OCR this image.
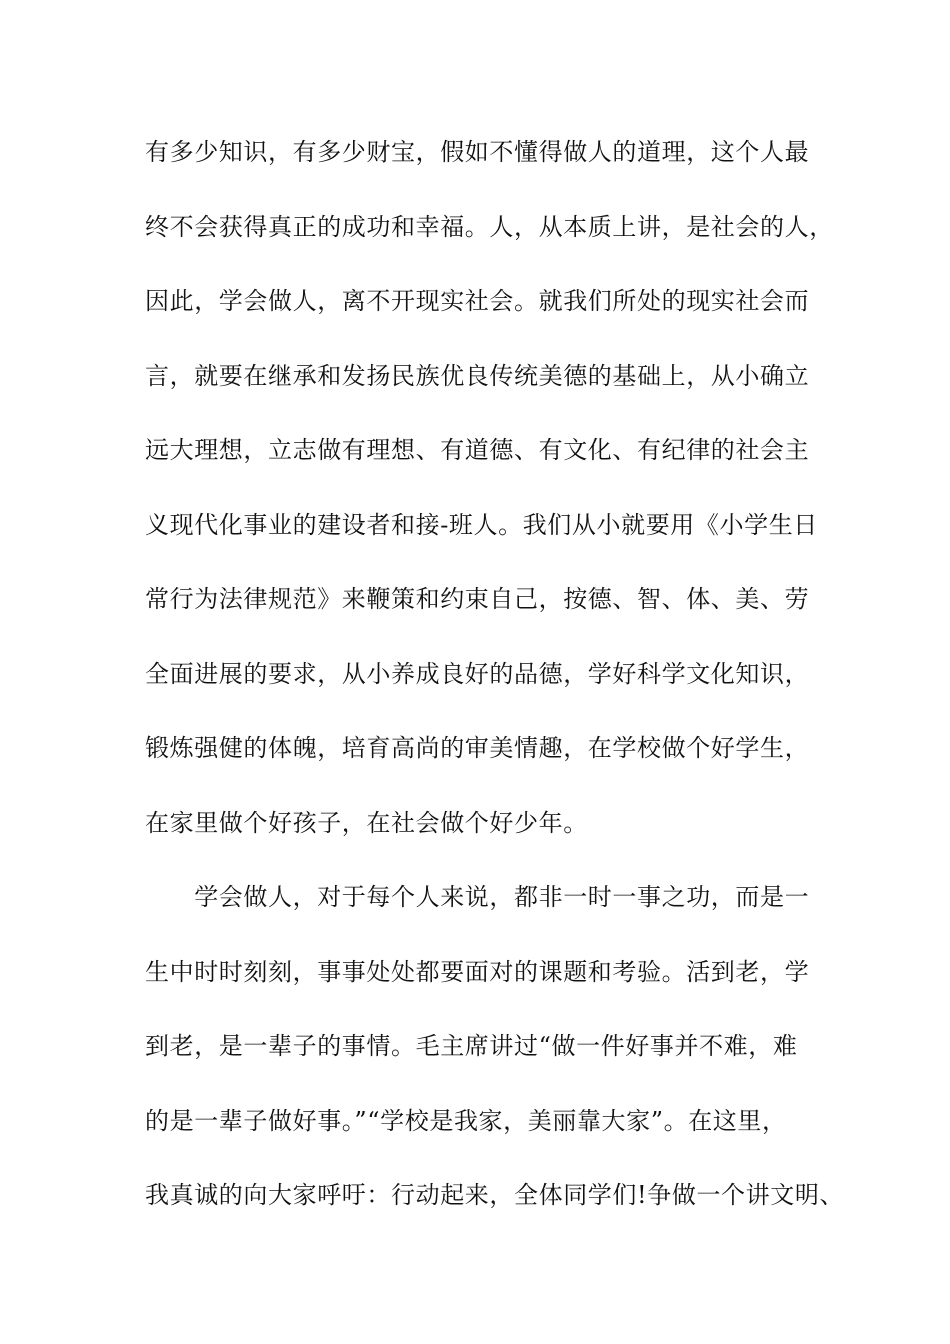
有多少知识，有多少财宝，假如不懂得做人的道理，这个人最
终不会获得真正的成功和幸福。人，从本质上讲，是社会的人，
因此，学会做人，离不开现实社会。就我们所处的现实社会而
言，就要在继承和发扬民族优良传统美德的基础上，从小确立
远大理想，立志做有理想、有道德、有文化、有纪律的社会主
义现代化事业的建设者和接-班人。我们从小就要用《小学生日
常行为法律规范》来鞭策和约束自己，按德、智、体、美、劳
全面进展的要求，从小养成良好的品德，学好科学文化知识，
锻炼强健的体魄，培育高尚的审美情趣，在学校做个好学生，
在家里做个好孩子，在社会做个好少年。
　　学会做人，对于每个人来说，都非一时一事之功，而是一
生中时时刻刻，事事处处都要面对的课题和考验。活到老，学
到老，是一辈子的事情。毛主席讲过“做一件好事并不难，难
的是一辈子做好事。”“学校是我家，美丽靠大家”。在这里，
我真诚的向大家呼吁：行动起来，全体同学们!争做一个讲文明、
